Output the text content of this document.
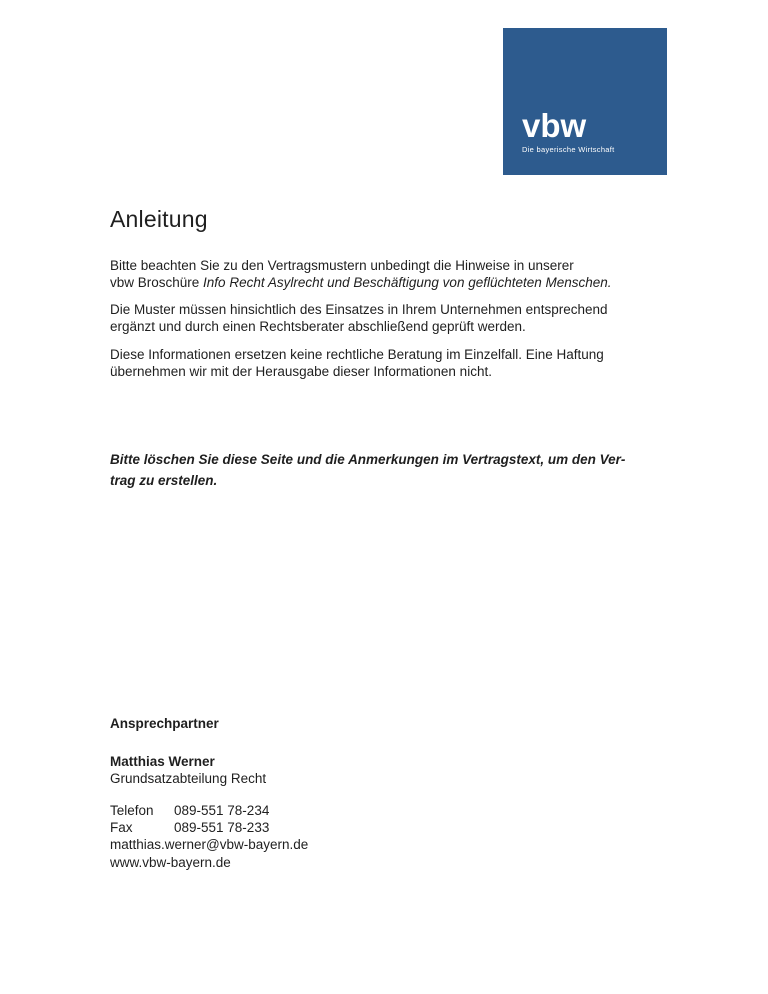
vbw
Die bayerische Wirtschaft
Anleitung
Bitte beachten Sie zu den Vertragsmustern unbedingt die Hinweise in unserer
vbw Broschüre Info Recht Asylrecht und Beschäftigung von geflüchteten Menschen.
Die Muster müssen hinsichtlich des Einsatzes in Ihrem Unternehmen entsprechend
ergänzt und durch einen Rechtsberater abschließend geprüft werden.
Diese Informationen ersetzen keine rechtliche Beratung im Einzelfall. Eine Haftung
übernehmen wir mit der Herausgabe dieser Informationen nicht.
Bitte löschen Sie diese Seite und die Anmerkungen im Vertragstext, um den Ver-
trag zu erstellen.
Ansprechpartner
Matthias Werner
Grundsatzabteilung Recht
Telefon	089-551 78-234
Fax	089-551 78-233
matthias.werner@vbw-bayern.de
www.vbw-bayern.de
